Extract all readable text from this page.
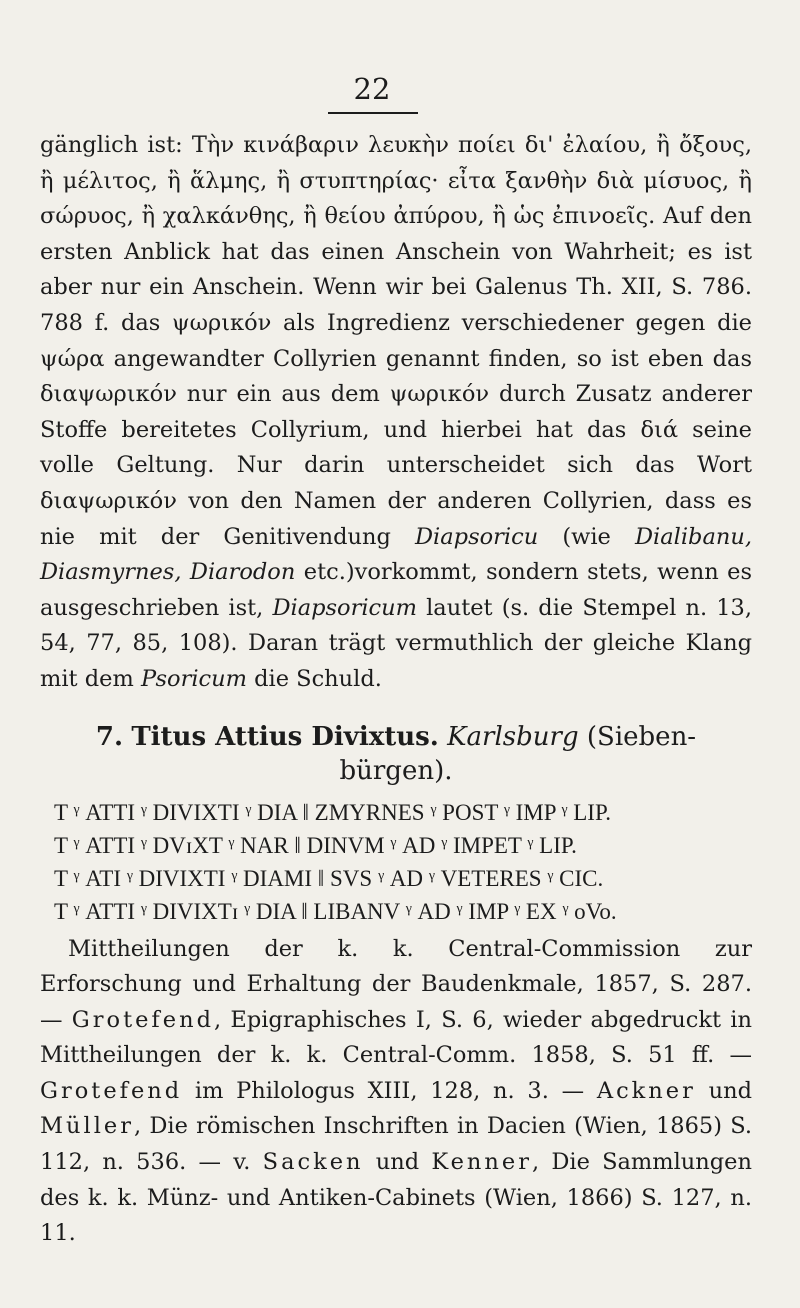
22

gänglich ist: Τὴν κινάβαριν λευκὴν ποίει δι' ἐλαίου, ἢ ὄξους, ἢ μέλιτος, ἢ ἅλμης, ἢ στυπτηρίας· εἶτα ξανθὴν διὰ μίσυος, ἢ σώρυος, ἢ χαλκάνθης, ἢ θείου ἀπύρου, ἢ ὡς ἐπινοεῖς. Auf den ersten Anblick hat das einen Anschein von Wahrheit; es ist aber nur ein Anschein. Wenn wir bei Galenus Th. XII, S. 786. 788 f. das ψωρικόν als Ingredienz verschiedener gegen die ψώρα angewandter Collyrien genannt finden, so ist eben das διαψωρικόν nur ein aus dem ψωρικόν durch Zusatz anderer Stoffe bereitetes Collyrium, und hierbei hat das διά seine volle Geltung. Nur darin unterscheidet sich das Wort διαψωρικόν von den Namen der anderen Collyrien, dass es nie mit der Genitivendung Diapsoricu (wie Dialibanu, Diasmyrnes, Diarodon etc.)vorkommt, sondern stets, wenn es ausgeschrieben ist, Diapsoricum lautet (s. die Stempel n. 13, 54, 77, 85, 108). Daran trägt vermuthlich der gleiche Klang mit dem Psoricum die Schuld.

7. Titus Attius Divixtus. Karlsburg (Sieben-bürgen).
T ᵞ ATTI ᵞ DIVIXTI ᵞ DIA ‖ ZMYRNES ᵞ POST ᵞ IMP ᵞ LIP.
T ᵞ ATTI ᵞ DVɪXT ᵞ NAR ‖ DINVM ᵞ AD ᵞ IMPET ᵞ LIP.
T ᵞ ATI ᵞ DIVIXTI ᵞ DIAMI ‖ SVS ᵞ AD ᵞ VETERES ᵞ CIC.
T ᵞ ATTI ᵞ DIVIXTɪ ᵞ DIA ‖ LIBANV ᵞ AD ᵞ IMP ᵞ EX ᵞ oVo.

Mittheilungen der k. k. Central-Commission zur Erforschung und Erhaltung der Baudenkmale, 1857, S. 287. — Grotefend, Epigraphisches I, S. 6, wieder abgedruckt in Mittheilungen der k. k. Central-Comm. 1858, S. 51 ff. — Grotefend im Philologus XIII, 128, n. 3. — Ackner und Müller, Die römischen Inschriften in Dacien (Wien, 1865) S. 112, n. 536. — v. Sacken und Kenner, Die Sammlungen des k. k. Münz- und Antiken-Cabinets (Wien, 1866) S. 127, n. 11.
